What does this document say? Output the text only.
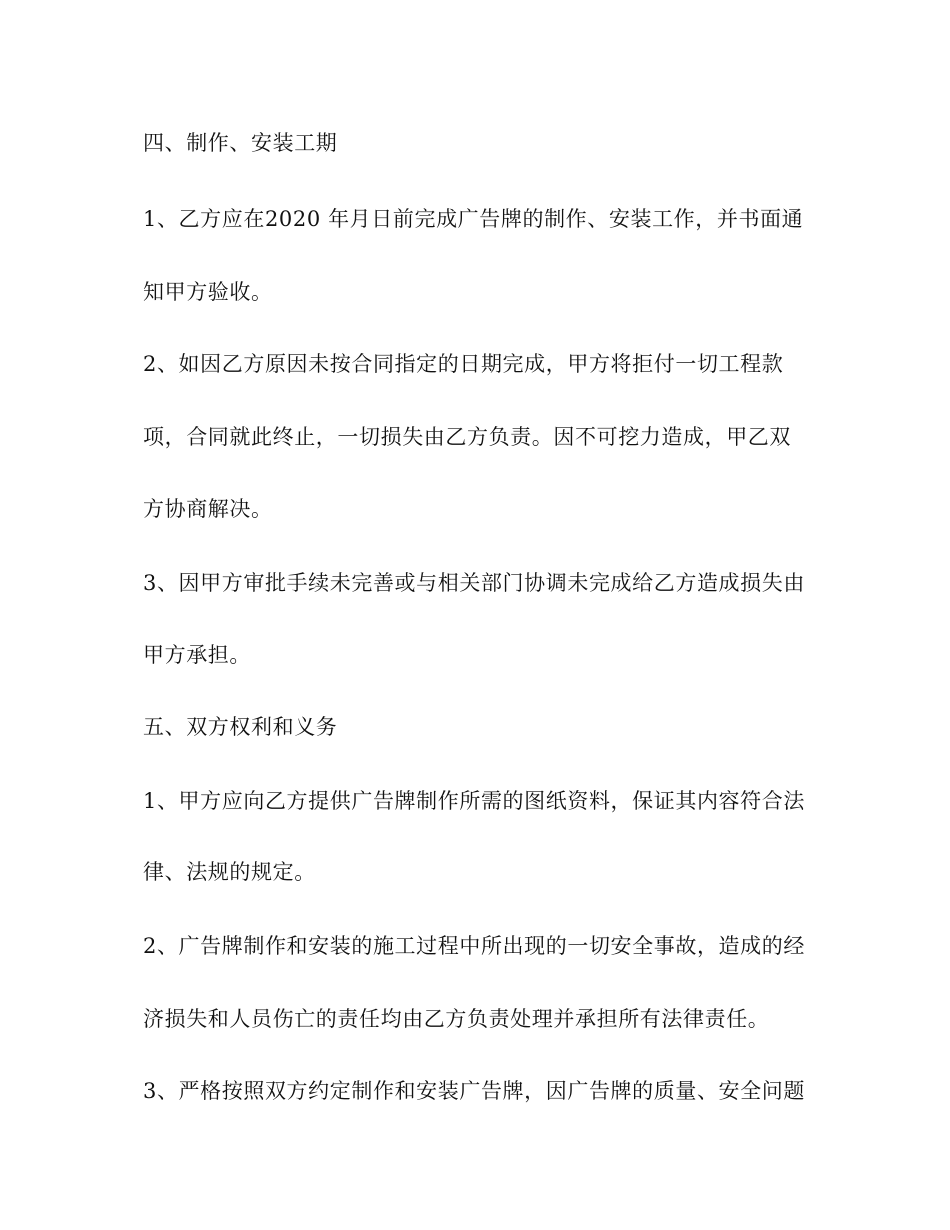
四、制作、安装工期
1、乙方应在2020 年月日前完成广告牌的制作、安装工作，并书面通
知甲方验收。
2、如因乙方原因未按合同指定的日期完成，甲方将拒付一切工程款
项，合同就此终止，一切损失由乙方负责。因不可挖力造成，甲乙双
方协商解决。
3、因甲方审批手续未完善或与相关部门协调未完成给乙方造成损失由
甲方承担。
五、双方权利和义务
1、甲方应向乙方提供广告牌制作所需的图纸资料，保证其内容符合法
律、法规的规定。
2、广告牌制作和安装的施工过程中所出现的一切安全事故，造成的经
济损失和人员伤亡的责任均由乙方负责处理并承担所有法律责任。
3、严格按照双方约定制作和安装广告牌，因广告牌的质量、安全问题
